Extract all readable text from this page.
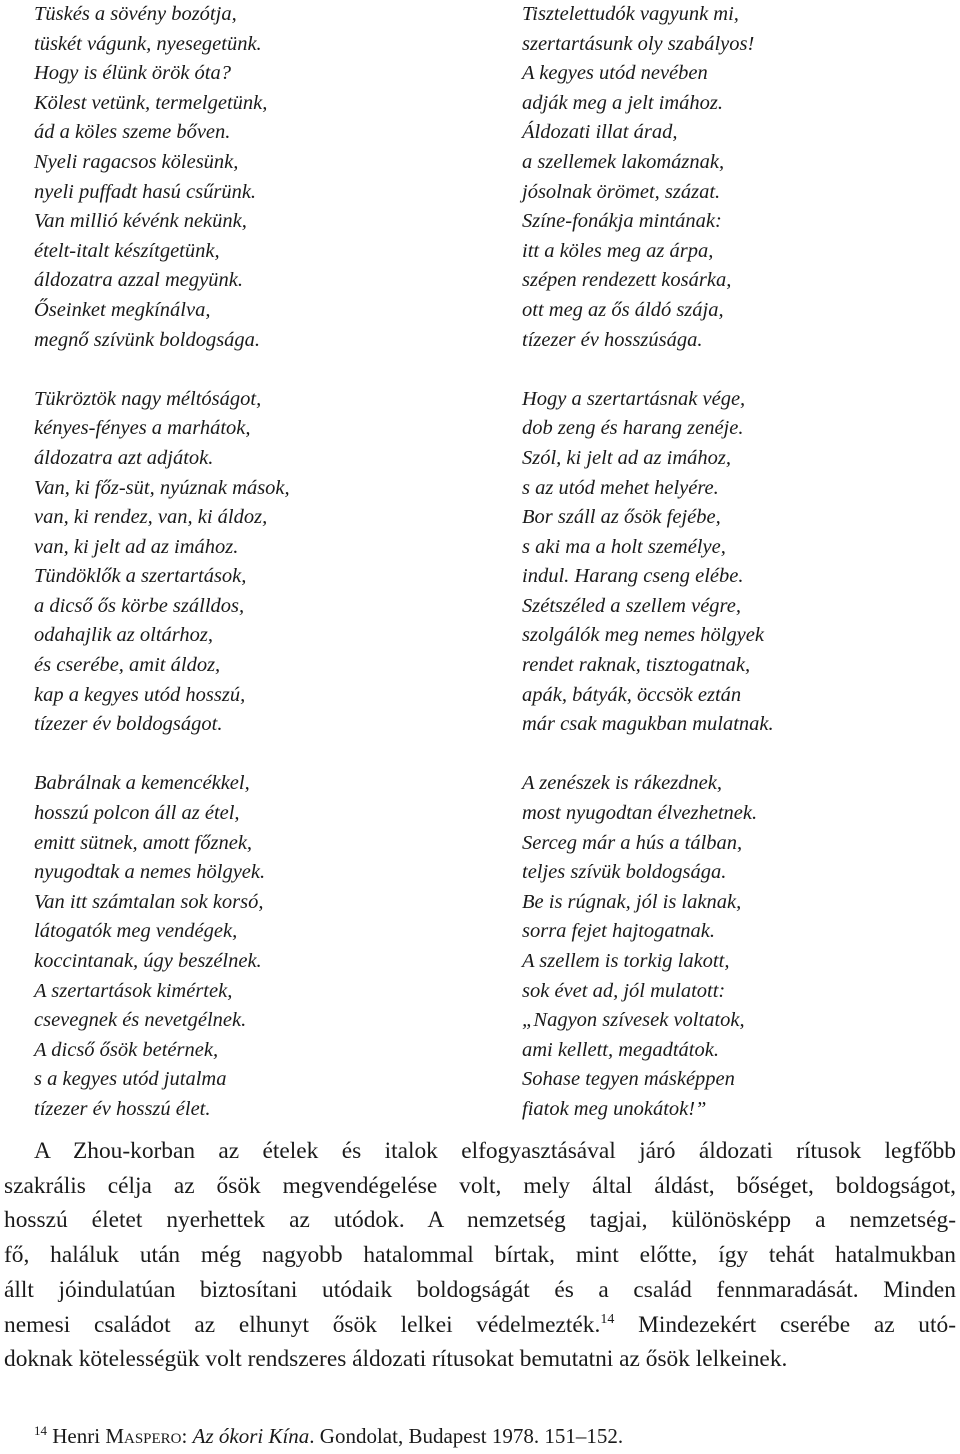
Tüskés a sövény bozótja,
tüskét vágunk, nyesegetünk.
Hogy is élünk örök óta?
Kölest vetünk, termelgetünk,
ád a köles szeme bőven.
Nyeli ragacsos kölesünk,
nyeli puffadt hasú csűrünk.
Van millió kévénk nekünk,
ételt-italt készítgetünk,
áldozatra azzal megyünk.
Őseinket megkínálva,
megnő szívünk boldogsága.
Tükröztök nagy méltóságot,
kényes-fényes a marhátok,
áldozatra azt adjátok.
Van, ki főz-süt, nyúznak mások,
van, ki rendez, van, ki áldoz,
van, ki jelt ad az imához.
Tündöklők a szertartások,
a dicső ős körbe szálldos,
odahajlik az oltárhoz,
és cserébe, amit áldoz,
kap a kegyes utód hosszú,
tízezer év boldogságot.
Babrálnak a kemencékkel,
hosszú polcon áll az étel,
emitt sütnek, amott főznek,
nyugodtak a nemes hölgyek.
Van itt számtalan sok korsó,
látogatók meg vendégek,
koccintanak, úgy beszélnek.
A szertartások kimértek,
csevegnek és nevetgélnek.
A dicső ősök betérnek,
s a kegyes utód jutalma
tízezer év hosszú élet.
Tisztelettudók vagyunk mi,
szertartásunk oly szabályos!
A kegyes utód nevében
adják meg a jelt imához.
Áldozati illat árad,
a szellemek lakomáznak,
jósolnak örömet, százat.
Színe-fonákja mintának:
itt a köles meg az árpa,
szépen rendezett kosárka,
ott meg az ős áldó szája,
tízezer év hosszúsága.
Hogy a szertartásnak vége,
dob zeng és harang zenéje.
Szól, ki jelt ad az imához,
s az utód mehet helyére.
Bor száll az ősök fejébe,
s aki ma a holt személye,
indul. Harang cseng elébe.
Szétszéled a szellem végre,
szolgálók meg nemes hölgyek
rendet raknak, tisztogatnak,
apák, bátyák, öccsök eztán
már csak magukban mulatnak.
A zenészek is rákezdnek,
most nyugodtan élvezhetnek.
Serceg már a hús a tálban,
teljes szívük boldogsága.
Be is rúgnak, jól is laknak,
sorra fejet hajtogatnak.
A szellem is torkig lakott,
sok évet ad, jól mulatott:
„Nagyon szívesek voltatok,
ami kellett, megadtátok.
Sohase tegyen másképpen
fiatok meg unokátok!”
A Zhou-korban az ételek és italok elfogyasztásával járó áldozati rítusok legfőbb
szakrális célja az ősök megvendégelése volt, mely által áldást, bőséget, boldogságot,
hosszú életet nyerhettek az utódok. A nemzetség tagjai, különösképp a nemzetség-
fő, haláluk után még nagyobb hatalommal bírtak, mint előtte, így tehát hatalmukban
állt jóindulatúan biztosítani utódaik boldogságát és a család fennmaradását. Minden
nemesi családot az elhunyt ősök lelkei védelmezték.$^{14}$ Mindezekért cserébe az utó-
doknak kötelességük volt rendszeres áldozati rítusokat bemutatni az ősök lelkeinek.
$^{14}$ Henri Maspero: Az ókori Kína. Gondolat, Budapest 1978. 151–152.
